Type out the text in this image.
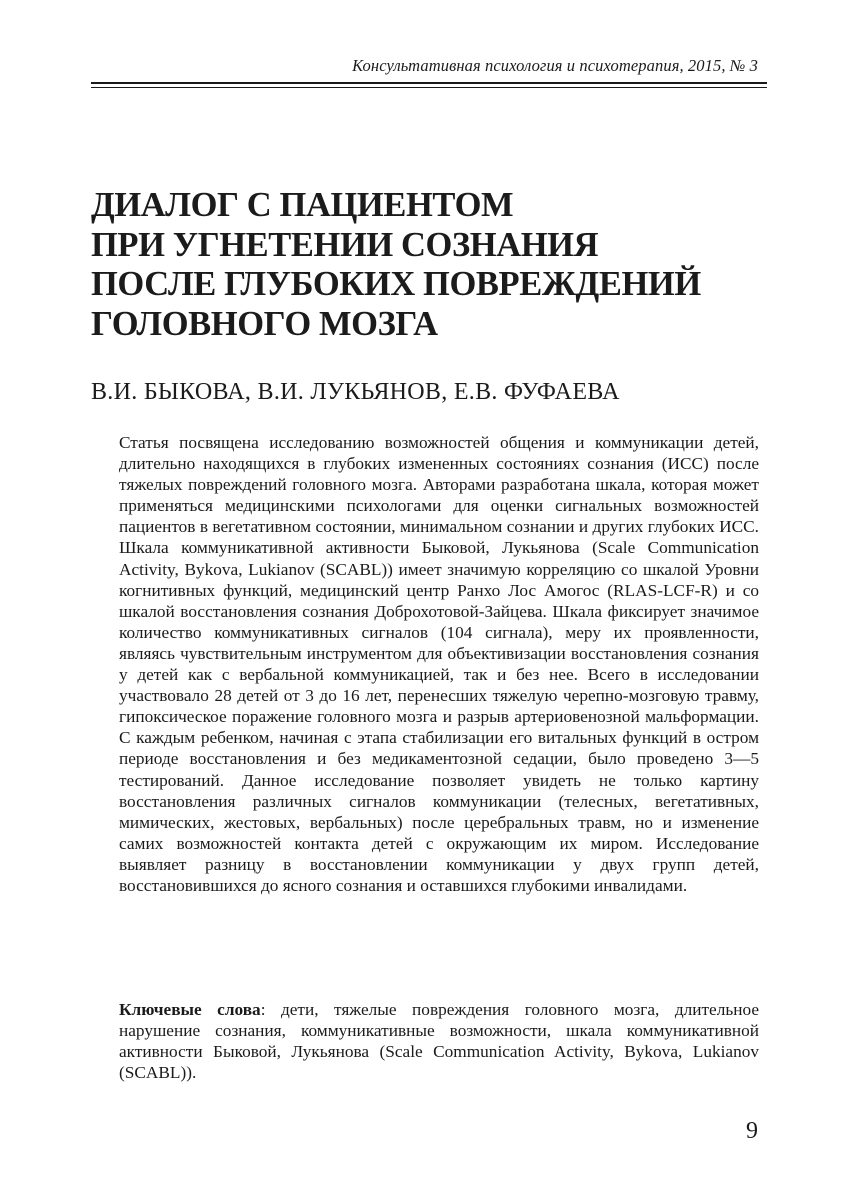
Консультативная психология и психотерапия, 2015, № 3
ДИАЛОГ С ПАЦИЕНТОМ
ПРИ УГНЕТЕНИИ СОЗНАНИЯ
ПОСЛЕ ГЛУБОКИХ ПОВРЕЖДЕНИЙ
ГОЛОВНОГО МОЗГА
В.И. БЫКОВА, В.И. ЛУКЬЯНОВ, Е.В. ФУФАЕВА

Статья посвящена исследованию возможностей общения и коммуникации детей, длительно находящихся в глубоких измененных состояниях сознания (ИСС) после тяжелых повреждений головного мозга. Авторами разработана шкала, которая может применяться медицинскими психологами для оценки сигнальных возможностей пациентов в вегетативном состоянии, минимальном сознании и других глубоких ИСС. Шкала коммуникативной активности Быковой, Лукьянова (Scale Communication Activity, Bykova, Lukianov (SCABL)) имеет значимую корреляцию со шкалой Уровни когнитивных функций, медицинский центр Ранхо Лос Амогос (RLAS-LCF-R) и со шкалой восстановления сознания Доброхотовой-Зайцева. Шкала фиксирует значимое количество коммуникативных сигналов (104 сигнала), меру их проявленности, являясь чувствительным инструментом для объективизации восстановления сознания у детей как с вербальной коммуникацией, так и без нее. Всего в исследовании участвовало 28 детей от 3 до 16 лет, перенесших тяжелую черепно-мозговую травму, гипоксическое поражение головного мозга и разрыв артериовенозной мальформации. С каждым ребенком, начиная с этапа стабилизации его витальных функций в остром периоде восстановления и без медикаментозной седации, было проведено 3—5 тестирований. Данное исследование позволяет увидеть не только картину восстановления различных сигналов коммуникации (телесных, вегетативных, мимических, жестовых, вербальных) после церебральных травм, но и изменение самих возможностей контакта детей с окружающим их миром. Исследование выявляет разницу в восстановлении коммуникации у двух групп детей, восстановившихся до ясного сознания и оставшихся глубокими инвалидами.

Ключевые слова: дети, тяжелые повреждения головного мозга, длительное нарушение сознания, коммуникативные возможности, шкала коммуникативной активности Быковой, Лукьянова (Scale Communication Activity, Bykova, Lukianov (SCABL)).

9
